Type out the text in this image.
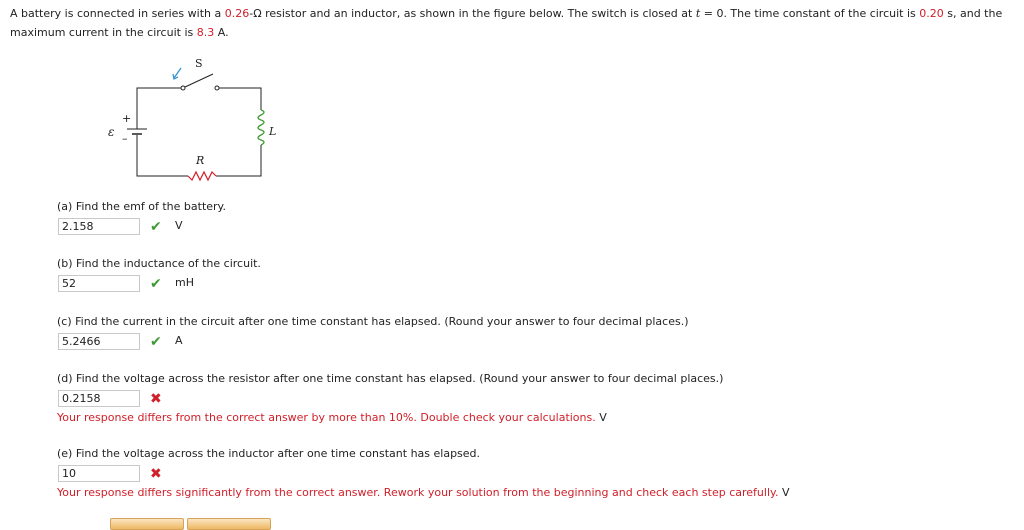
A battery is connected in series with a 0.26-Ω resistor and an inductor, as shown in the figure below. The switch is closed at t = 0. The time constant of the circuit is 0.20 s, and the maximum current in the circuit is 8.3 A.
S
+
ε –
L
R
(a) Find the emf of the battery.
2.158
✔ V
(b) Find the inductance of the circuit.
52
✔ mH
(c) Find the current in the circuit after one time constant has elapsed. (Round your answer to four decimal places.)
5.2466
✔ A
(d) Find the voltage across the resistor after one time constant has elapsed. (Round your answer to four decimal places.)
0.2158
✖
Your response differs from the correct answer by more than 10%. Double check your calculations. V
(e) Find the voltage across the inductor after one time constant has elapsed.
10
✖
Your response differs significantly from the correct answer. Rework your solution from the beginning and check each step carefully. V
